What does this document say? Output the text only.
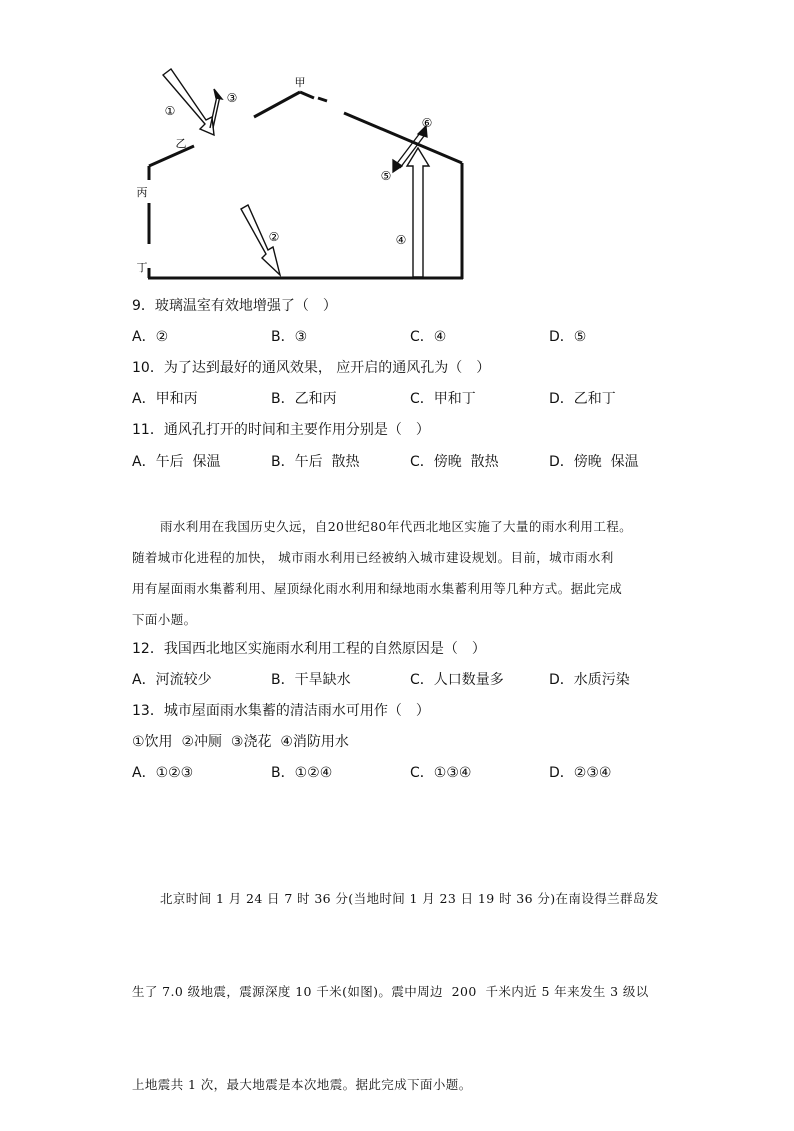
甲
乙
丙
丁
①
②
③
④
⑤
⑥
9．玻璃温室有效地增强了（　）
A．②	B．③	C．④	D．⑤
10．为了达到最好的通风效果， 应开启的通风孔为（　）
A．甲和丙	B．乙和丙	C．甲和丁	D．乙和丁
11．通风孔打开的时间和主要作用分别是（　）
A．午后  保温	B．午后  散热	C．傍晚  散热	D．傍晚  保温
雨水利用在我国历史久远，自20世纪80年代西北地区实施了大量的雨水利用工程。
随着城市化进程的加快， 城市雨水利用已经被纳入城市建设规划。目前，城市雨水利
用有屋面雨水集蓄利用、屋顶绿化雨水利用和绿地雨水集蓄利用等几种方式。据此完成
下面小题。
12．我国西北地区实施雨水利用工程的自然原因是（　）
A．河流较少	B．干旱缺水	C．人口数量多	D．水质污染
13．城市屋面雨水集蓄的清洁雨水可用作（　）
①饮用  ②冲厕  ③浇花  ④消防用水
A．①②③	B．①②④	C．①③④	D．②③④

北京时间 1 月 24 日 7 时 36 分(当地时间 1 月 23 日 19 时 36 分)在南设得兰群岛发

生了 7.0 级地震，震源深度 10 千米(如图)。震中周边  200  千米内近 5 年来发生 3 级以

上地震共 1 次，最大地震是本次地震。据此完成下面小题。
